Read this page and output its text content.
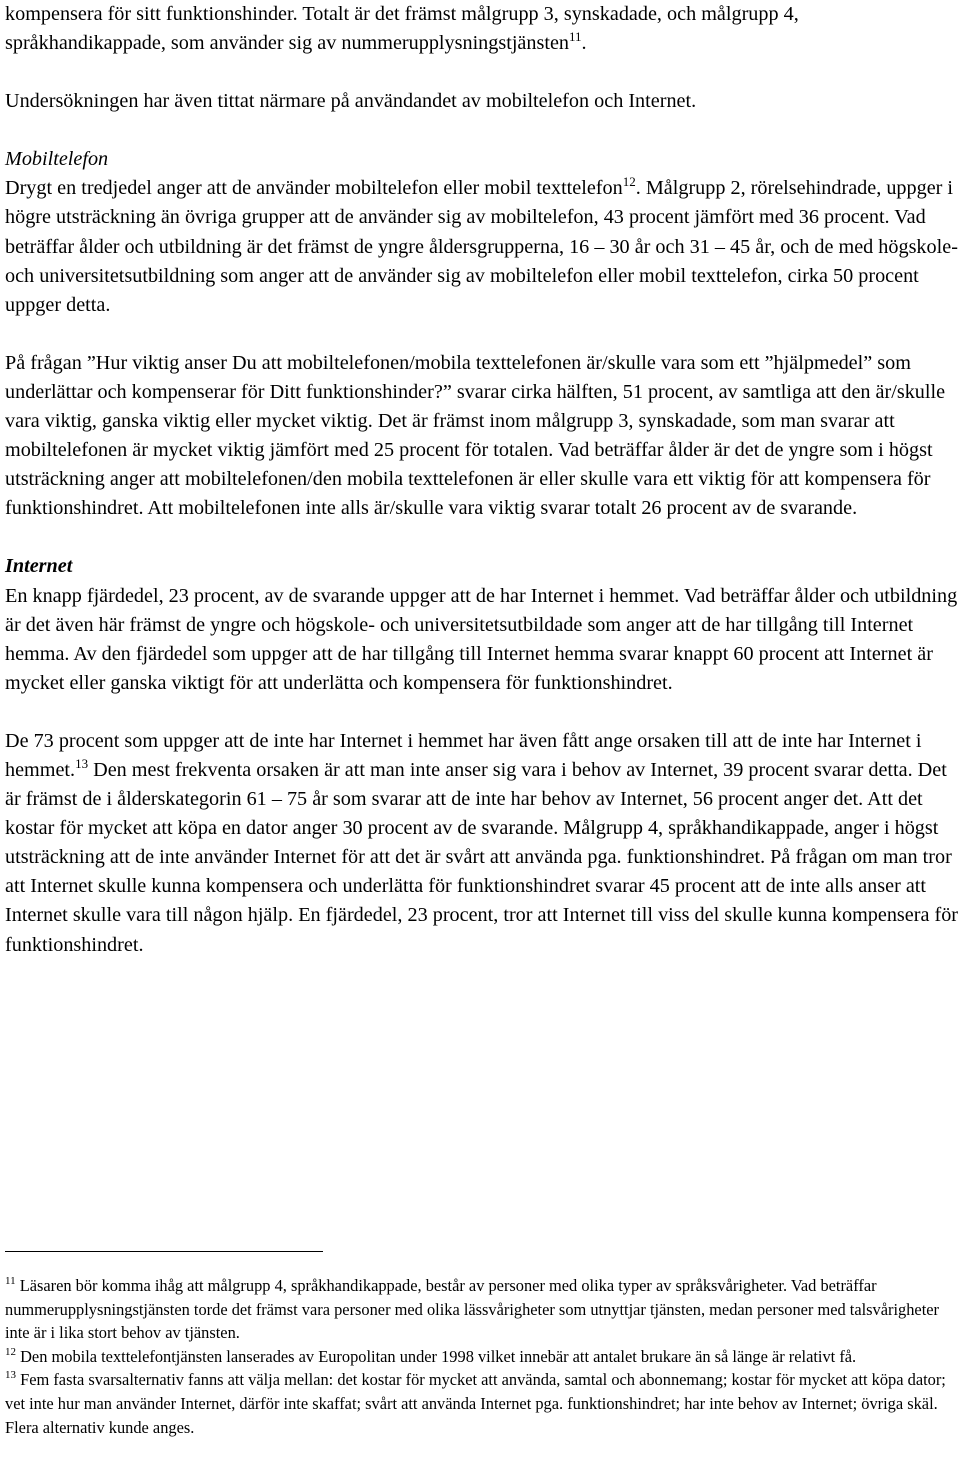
kompensera för sitt funktionshinder. Totalt är det främst målgrupp 3, synskadade, och målgrupp 4, språkhandikappade, som använder sig av nummerupplysningstjänsten$^{11}$.

Undersökningen har även tittat närmare på användandet av mobiltelefon och Internet.

Mobiltelefon

Drygt en tredjedel anger att de använder mobiltelefon eller mobil texttelefon$^{12}$. Målgrupp 2, rörelsehindrade, uppger i högre utsträckning än övriga grupper att de använder sig av mobiltelefon, 43 procent jämfört med 36 procent. Vad beträffar ålder och utbildning är det främst de yngre åldersgrupperna, 16 – 30 år och 31 – 45 år, och de med högskole- och universitetsutbildning som anger att de använder sig av mobiltelefon eller mobil texttelefon, cirka 50 procent uppger detta.

På frågan ”Hur viktig anser Du att mobiltelefonen/mobila texttelefonen är/skulle vara som ett ”hjälpmedel” som underlättar och kompenserar för Ditt funktionshinder?” svarar cirka hälften, 51 procent, av samtliga att den är/skulle vara viktig, ganska viktig eller mycket viktig. Det är främst inom målgrupp 3, synskadade, som man svarar att mobiltelefonen är mycket viktig jämfört med 25 procent för totalen. Vad beträffar ålder är det de yngre som i högst utsträckning anger att mobiltelefonen/den mobila texttelefonen är eller skulle vara ett viktig för att kompensera för funktionshindret. Att mobiltelefonen inte alls är/skulle vara viktig svarar totalt 26 procent av de svarande.

Internet

En knapp fjärdedel, 23 procent, av de svarande uppger att de har Internet i hemmet. Vad beträffar ålder och utbildning är det även här främst de yngre och högskole- och universitetsutbildade som anger att de har tillgång till Internet hemma. Av den fjärdedel som uppger att de har tillgång till Internet hemma svarar knappt 60 procent att Internet är mycket eller ganska viktigt för att underlätta och kompensera för funktionshindret.

De 73 procent som uppger att de inte har Internet i hemmet har även fått ange orsaken till att de inte har Internet i hemmet.$^{13}$ Den mest frekventa orsaken är att man inte anser sig vara i behov av Internet, 39 procent svarar detta. Det är främst de i ålderskategorin 61 – 75 år som svarar att de inte har behov av Internet, 56 procent anger det. Att det kostar för mycket att köpa en dator anger 30 procent av de svarande. Målgrupp 4, språkhandikappade, anger i högst utsträckning att de inte använder Internet för att det är svårt att använda pga. funktionshindret. På frågan om man tror att Internet skulle kunna kompensera och underlätta för funktionshindret svarar 45 procent att de inte alls anser att Internet skulle vara till någon hjälp. En fjärdedel, 23 procent, tror att Internet till viss del skulle kunna kompensera för funktionshindret.

$^{11}$ Läsaren bör komma ihåg att målgrupp 4, språkhandikappade, består av personer med olika typer av språksvårigheter. Vad beträffar nummerupplysningstjänsten torde det främst vara personer med olika lässvårigheter som utnyttjar tjänsten, medan personer med talsvårigheter inte är i lika stort behov av tjänsten.

$^{12}$ Den mobila texttelefontjänsten lanserades av Europolitan under 1998 vilket innebär att antalet brukare än så länge är relativt få.

$^{13}$ Fem fasta svarsalternativ fanns att välja mellan: det kostar för mycket att använda, samtal och abonnemang; kostar för mycket att köpa dator; vet inte hur man använder Internet, därför inte skaffat; svårt att använda Internet pga. funktionshindret; har inte behov av Internet; övriga skäl. Flera alternativ kunde anges.
